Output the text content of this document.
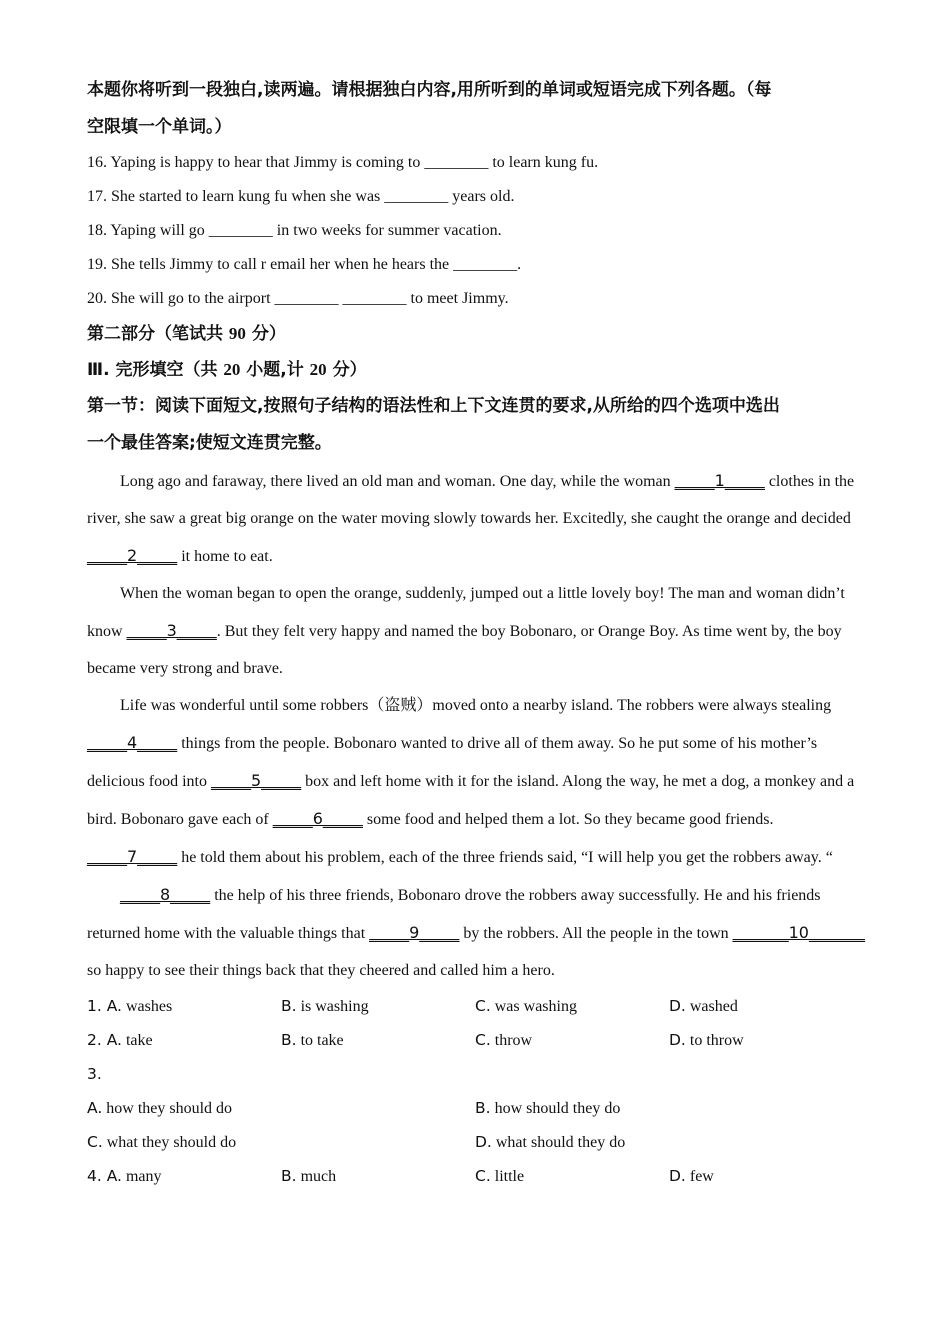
本题你将听到一段独白,读两遍。请根据独白内容,用所听到的单词或短语完成下列各题。（每
空限填一个单词。）
16. Yaping is happy to hear that Jimmy is coming to ________ to learn kung fu.
17. She started to learn kung fu when she was ________ years old.
18. Yaping will go ________ in two weeks for summer vacation.
19. She tells Jimmy to call r email her when he hears the ________.
20. She will go to the airport ________ ________ to meet Jimmy.
第二部分（笔试共 90 分）
Ⅲ. 完形填空（共 20 小题,计 20 分）
第一节：阅读下面短文,按照句子结构的语法性和上下文连贯的要求,从所给的四个选项中选出
一个最佳答案;使短文连贯完整。

Long ago and faraway, there lived an old man and woman. One day, while the woman _____1_____ clothes in the river, she saw a great big orange on the water moving slowly towards her. Excitedly, she caught the orange and decided _____2_____ it home to eat.

When the woman began to open the orange, suddenly, jumped out a little lovely boy! The man and woman didn’t know _____3_____. But they felt very happy and named the boy Bobonaro, or Orange Boy. As time went by, the boy became very strong and brave.

Life was wonderful until some robbers（盗贼）moved onto a nearby island. The robbers were always stealing _____4_____ things from the people. Bobonaro wanted to drive all of them away. So he put some of his mother’s delicious food into _____5_____ box and left home with it for the island. Along the way, he met a dog, a monkey and a bird. Bobonaro gave each of _____6_____ some food and helped them a lot. So they became good friends. _____7_____ he told them about his problem, each of the three friends said, “I will help you get the robbers away. “

_____8_____ the help of his three friends, Bobonaro drove the robbers away successfully. He and his friends returned home with the valuable things that _____9_____ by the robbers. All the people in the town _______10_______ so happy to see their things back that they cheered and called him a hero.

1. A. washes	B. is washing	C. was washing	D. washed
2. A. take	B. to take	C. throw	D. to throw
3.
A. how they should do	B. how should they do
C. what they should do	D. what should they do
4. A. many	B. much	C. little	D. few
